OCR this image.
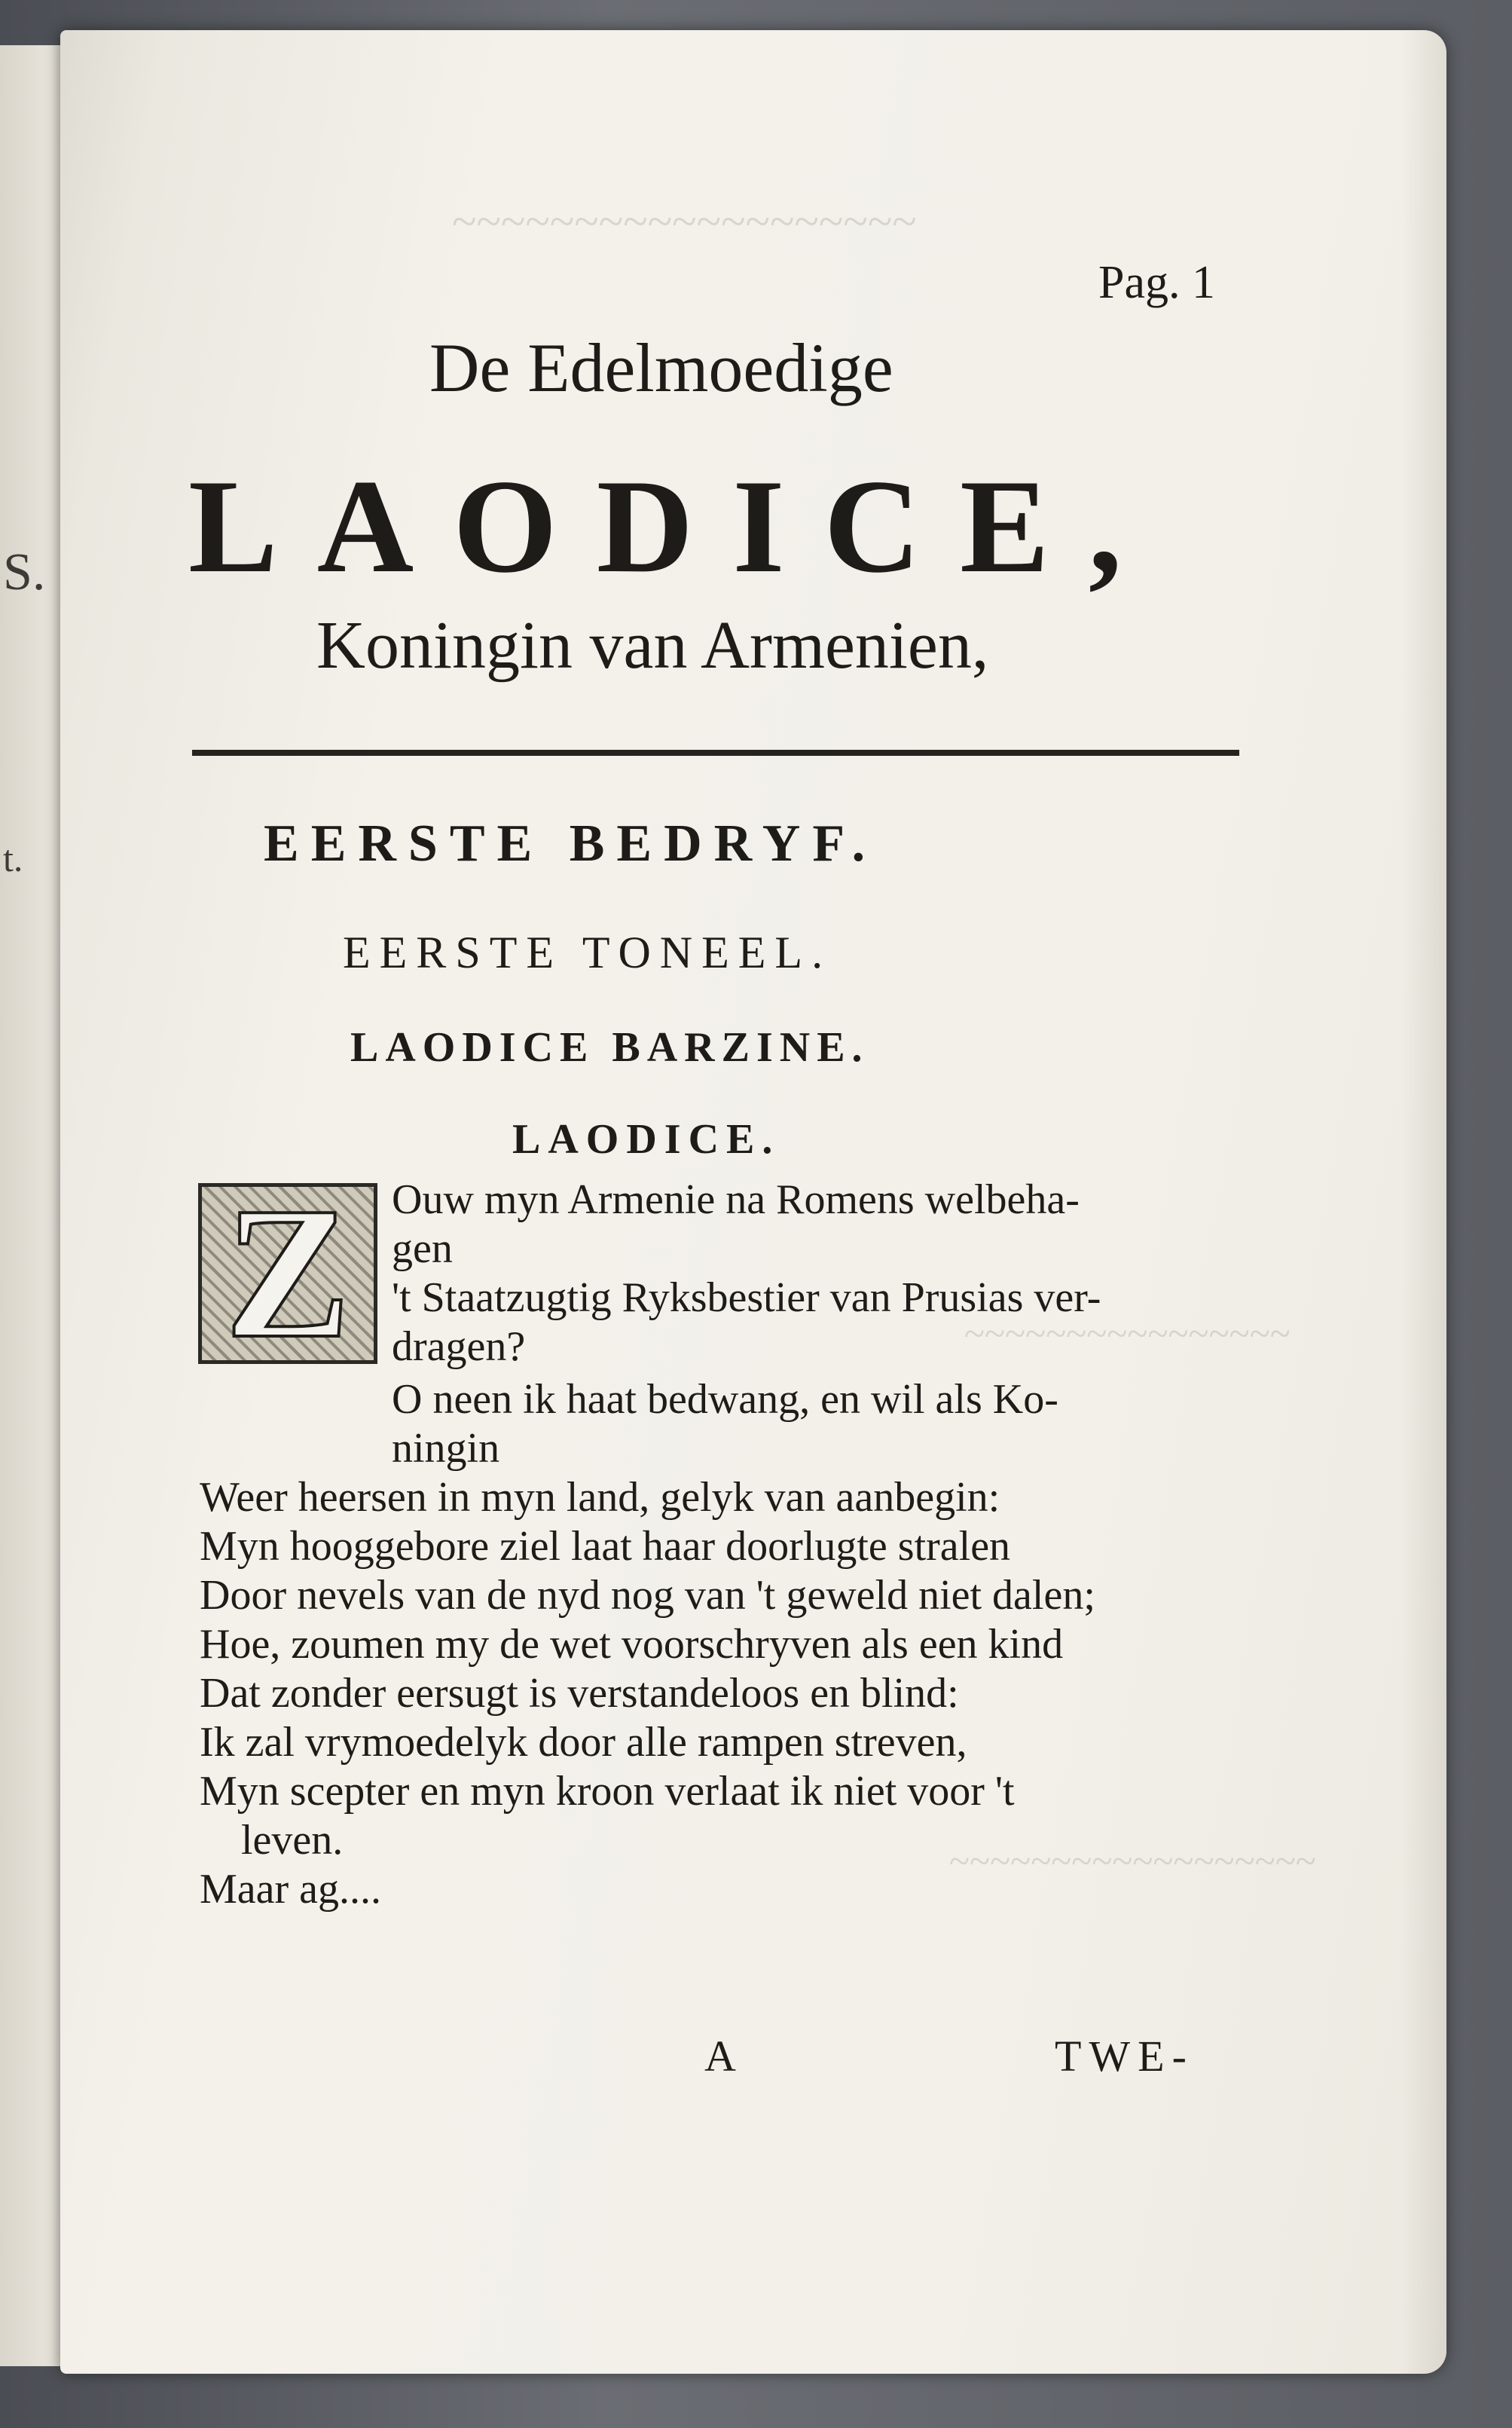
S.
t.
~~~~~~~~~~~~~~~~~~~
~~~~~~~~~~~~~~~~
~~~~~~~~~~~~~~~~~~
Pag. 1
De Edelmoedige
LAODICE,
Koningin van Armenien,
EERSTE BEDRYF.
EERSTE TONEEL.
LAODICE BARZINE.
LAODICE.
Z Ouw myn Armenie na Romens welbeha-
gen
't Staatzugtig Ryksbestier van Prusias ver-
dragen?
O neen ik haat bedwang, en wil als Ko-
ningin
Weer heersen in myn land, gelyk van aanbegin:
Myn hooggebore ziel laat haar doorlugte stralen
Door nevels van de nyd nog van 't geweld niet dalen;
Hoe, zoumen my de wet voorschryven als een kind
Dat zonder eersugt is verstandeloos en blind:
Ik zal vrymoedelyk door alle rampen streven,
Myn scepter en myn kroon verlaat ik niet voor 't
leven.
Maar ag....
A	TWE-
